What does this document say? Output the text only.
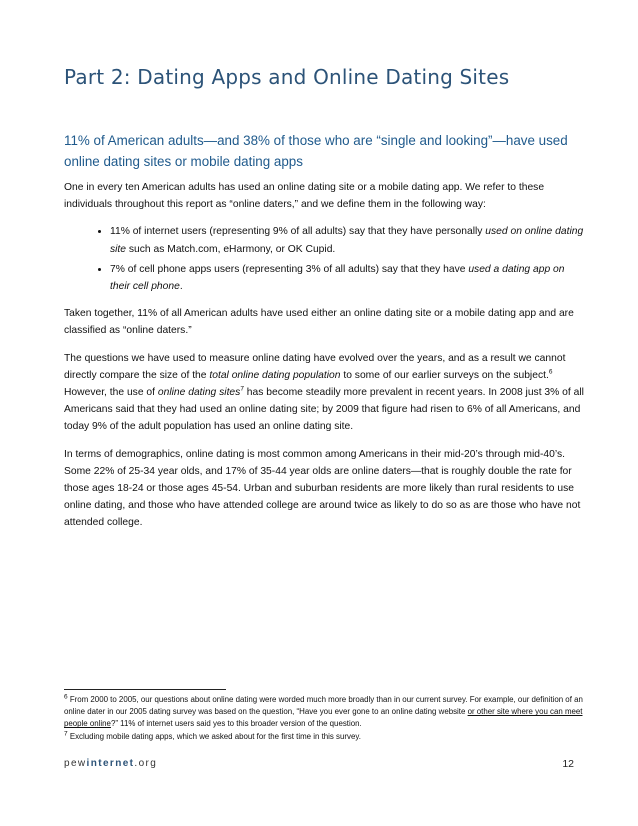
Part 2: Dating Apps and Online Dating Sites
11% of American adults—and 38% of those who are “single and looking”—have used online dating sites or mobile dating apps

One in every ten American adults has used an online dating site or a mobile dating app. We refer to these individuals throughout this report as “online daters,” and we define them in the following way:

• 11% of internet users (representing 9% of all adults) say that they have personally used on online dating site such as Match.com, eHarmony, or OK Cupid.
• 7% of cell phone apps users (representing 3% of all adults) say that they have used a dating app on their cell phone.

Taken together, 11% of all American adults have used either an online dating site or a mobile dating app and are classified as “online daters.”

The questions we have used to measure online dating have evolved over the years, and as a result we cannot directly compare the size of the total online dating population to some of our earlier surveys on the subject.$^6$  However, the use of online dating sites$^7$ has become steadily more prevalent in recent years. In 2008 just 3% of all Americans said that they had used an online dating site; by 2009 that figure had risen to 6% of all Americans, and today 9% of the adult population has used an online dating site.

In terms of demographics, online dating is most common among Americans in their mid-20’s through mid-40’s. Some 22% of 25-34 year olds, and 17% of 35-44 year olds are online daters—that is roughly double the rate for those ages 18-24 or those ages 45-54. Urban and suburban residents are more likely than rural residents to use online dating, and those who have attended college are around twice as likely to do so as are those who have not attended college.

$^6$ From 2000 to 2005, our questions about online dating were worded much more broadly than in our current survey. For example, our definition of an online dater in our 2005 dating survey was based on the question, “Have you ever gone to an online dating website or other site where you can meet people online?” 11% of internet users said yes to this broader version of the question.

$^7$ Excluding mobile dating apps, which we asked about for the first time in this survey.

pewinternet.org	12
